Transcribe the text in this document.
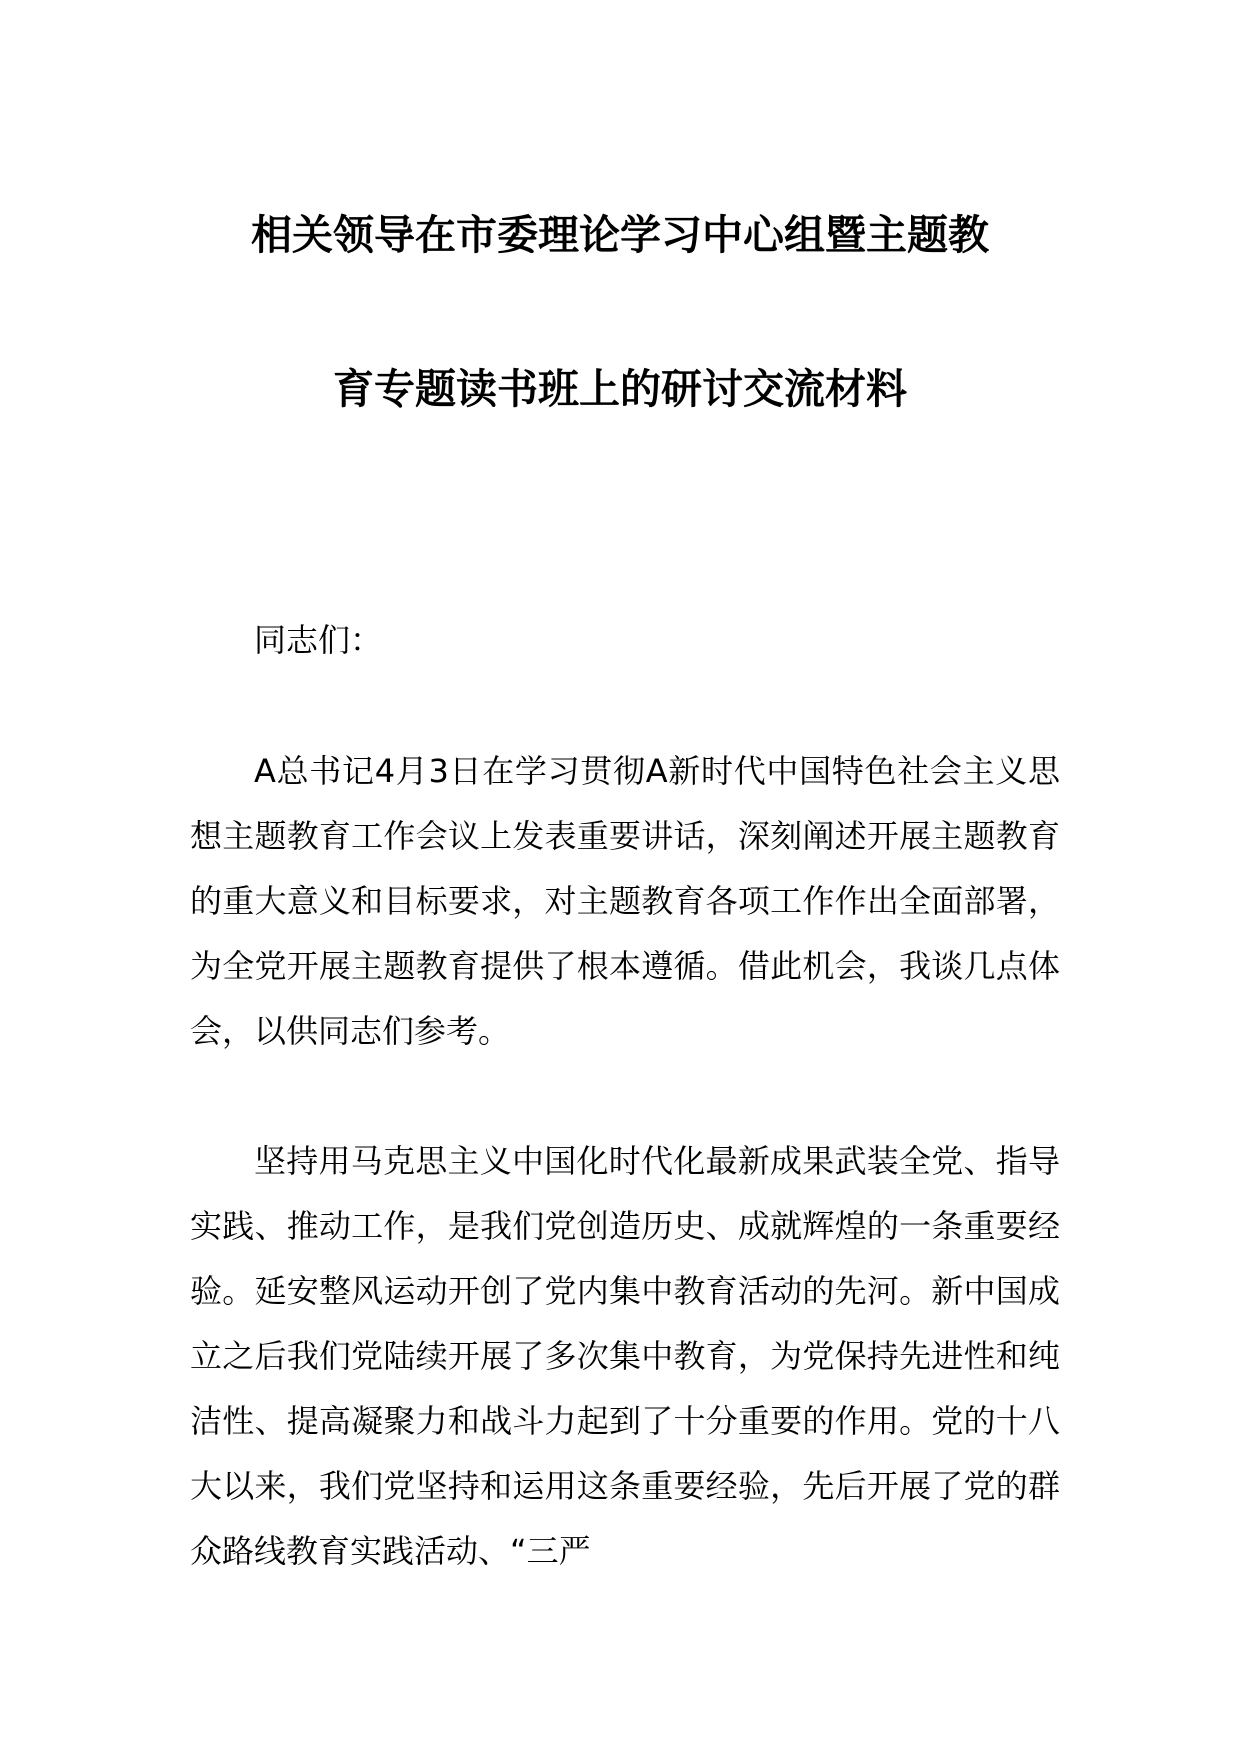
相关领导在市委理论学习中心组暨主题教
育专题读书班上的研讨交流材料

同志们：

A总书记4月3日在学习贯彻A新时代中国特色社会主义思想主题教育工作会议上发表重要讲话，深刻阐述开展主题教育的重大意义和目标要求，对主题教育各项工作作出全面部署，为全党开展主题教育提供了根本遵循。借此机会，我谈几点体会，以供同志们参考。

坚持用马克思主义中国化时代化最新成果武装全党、指导实践、推动工作，是我们党创造历史、成就辉煌的一条重要经验。延安整风运动开创了党内集中教育活动的先河。新中国成立之后我们党陆续开展了多次集中教育，为党保持先进性和纯洁性、提高凝聚力和战斗力起到了十分重要的作用。党的十八大以来，我们党坚持和运用这条重要经验，先后开展了党的群众路线教育实践活动、“三严
